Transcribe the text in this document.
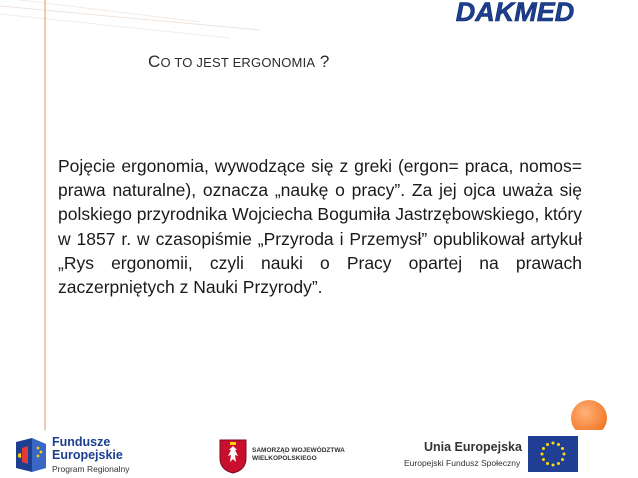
DAKMED
CO TO JEST ERGONOMIA ?

Pojęcie ergonomia, wywodzące się z greki (ergon= praca, nomos= prawa naturalne), oznacza „naukę o pracy”. Za jej ojca uważa się polskiego przyrodnika Wojciecha Bogumiła Jastrzębowskiego, który w 1857 r. w czasopiśmie „Przyroda i Przemysł” opublikował artykuł „Rys ergonomii, czyli nauki o Pracy opartej na prawach zaczerpniętych z Nauki Przyrody”.

Fundusze
Europejskie
Program Regionalny
SAMORZĄD WOJEWÓDZTWA
WIELKOPOLSKIEGO
Unia Europejska
Europejski Fundusz Społeczny
